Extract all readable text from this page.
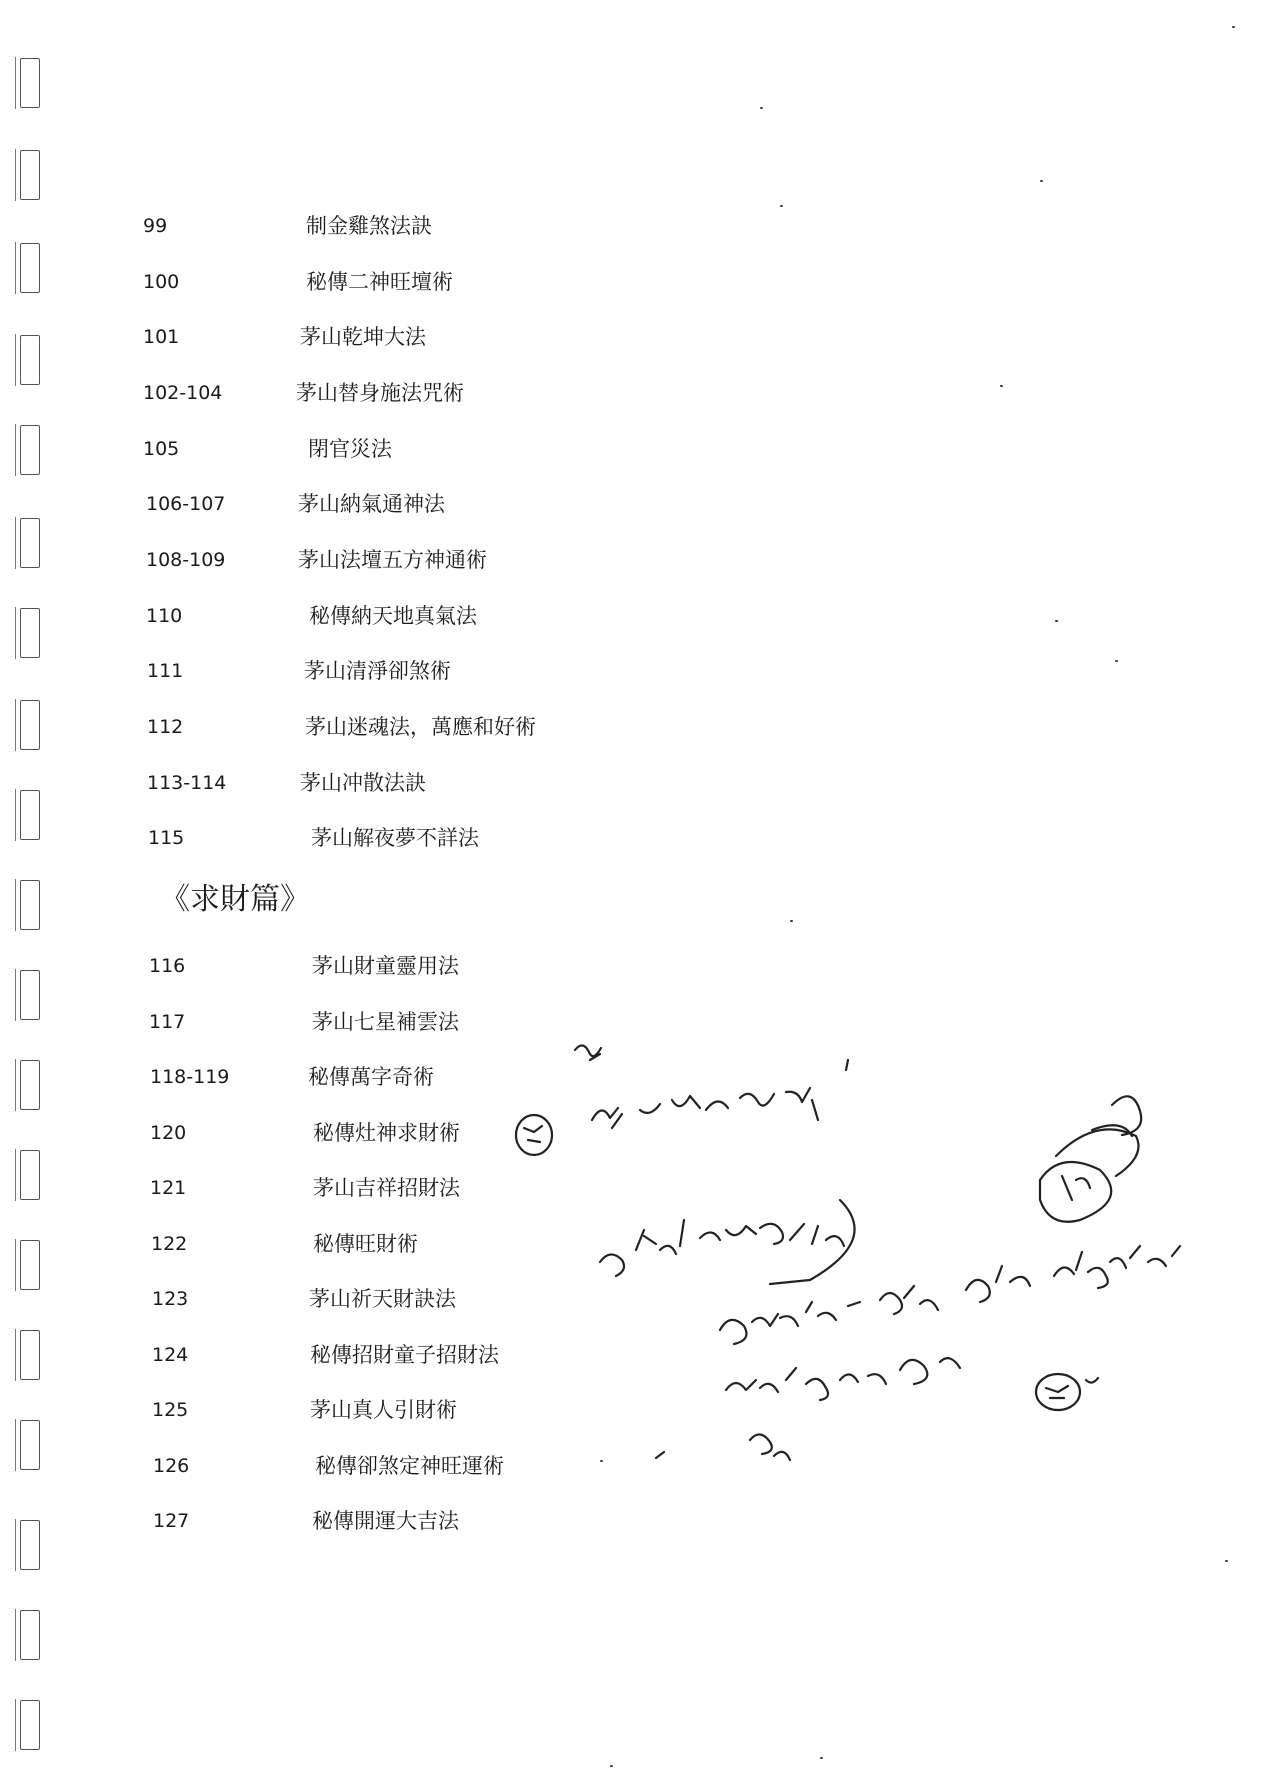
99	制金雞煞法訣
100	秘傳二神旺壇術
101	茅山乾坤大法
102-104	茅山替身施法咒術
105	閉官災法
106-107	茅山納氣通神法
108-109	茅山法壇五方神通術
110	秘傳納天地真氣法
111	茅山清淨卻煞術
112	茅山迷魂法，萬應和好術
113-114	茅山冲散法訣
115	茅山解夜夢不詳法
《求財篇》
116	茅山財童靈用法
117	茅山七星補雲法
118-119	秘傳萬字奇術
120	秘傳灶神求財術
121	茅山吉祥招財法
122	秘傳旺財術
123	茅山祈天財訣法
124	秘傳招財童子招財法
125	茅山真人引財術
126	秘傳卻煞定神旺運術
127	秘傳開運大吉法
